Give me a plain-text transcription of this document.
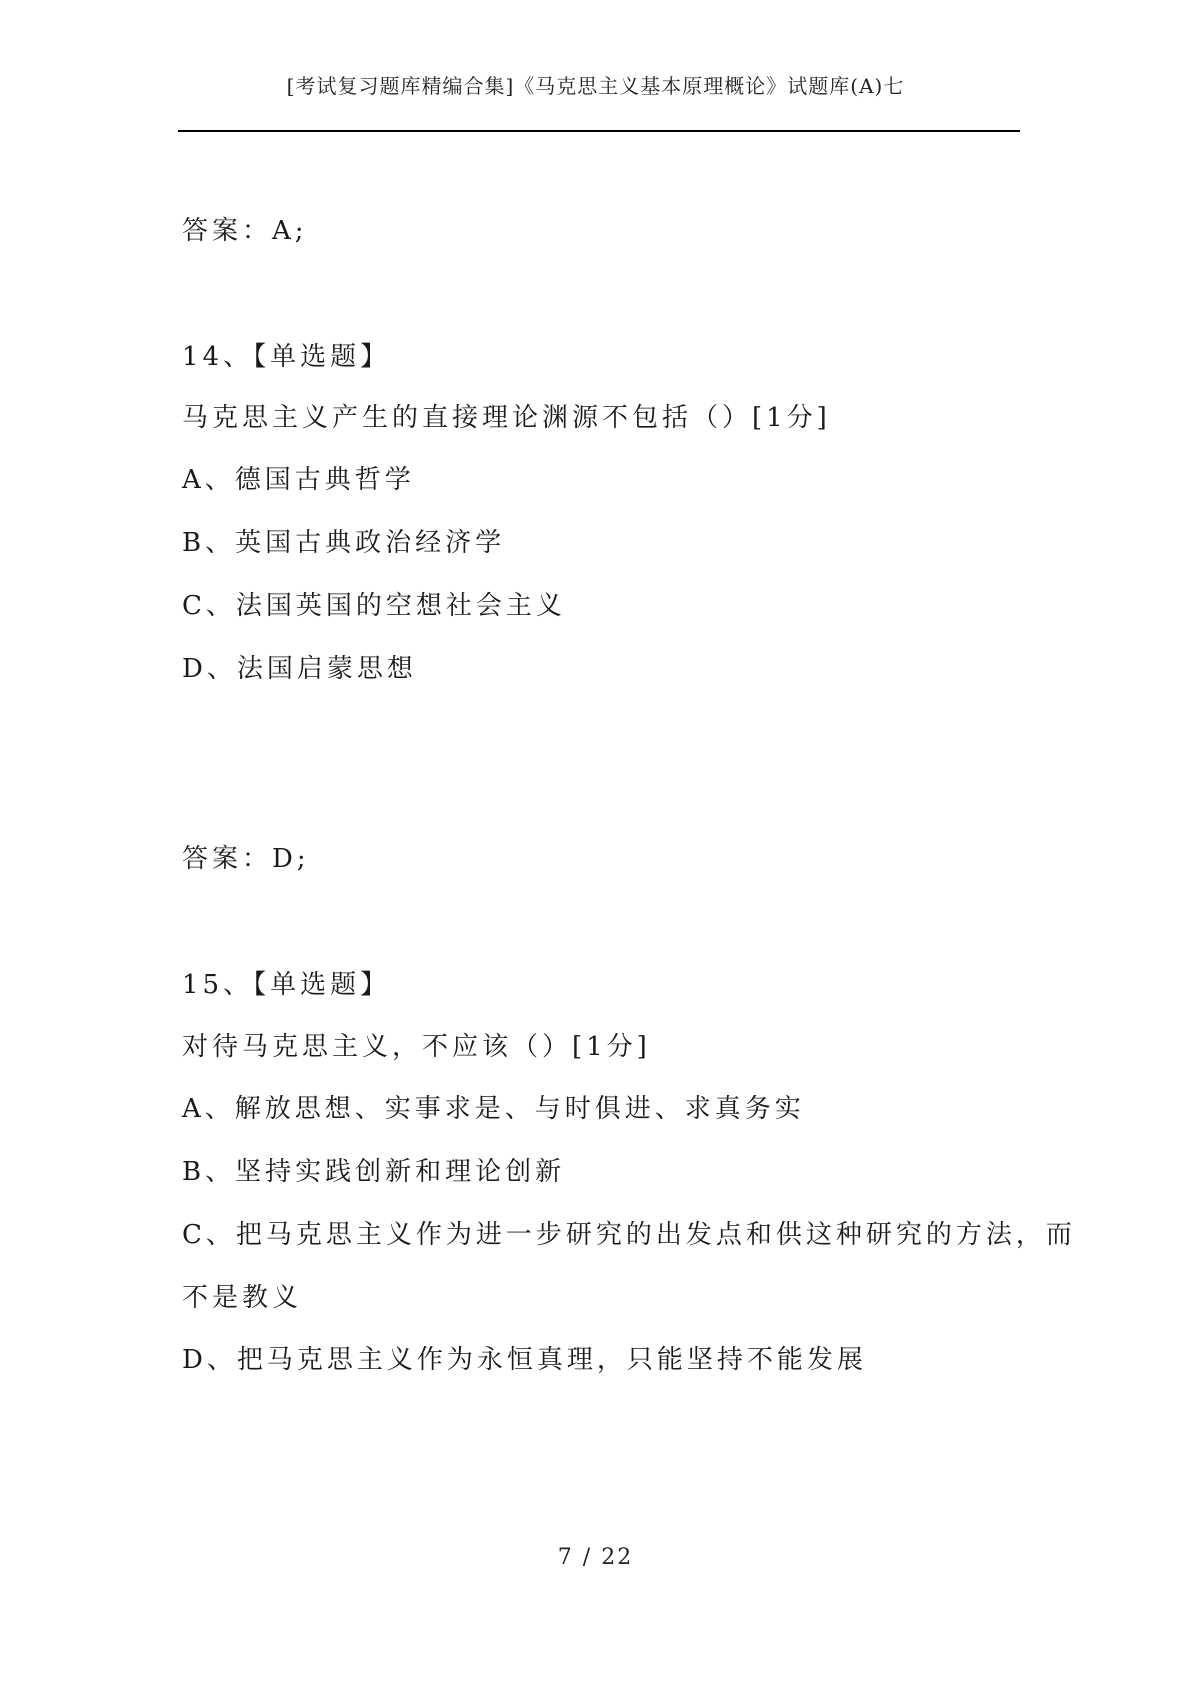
[考试复习题库精编合集]《马克思主义基本原理概论》试题库(A)七
答案：A;
14、【单选题】
马克思主义产生的直接理论渊源不包括（）[1分]
A、德国古典哲学
B、英国古典政治经济学
C、法国英国的空想社会主义
D、法国启蒙思想
答案：D;
15、【单选题】
对待马克思主义，不应该（）[1分]
A、解放思想、实事求是、与时俱进、求真务实
B、坚持实践创新和理论创新
C、把马克思主义作为进一步研究的出发点和供这种研究的方法，而
不是教义
D、把马克思主义作为永恒真理，只能坚持不能发展
7 / 22
